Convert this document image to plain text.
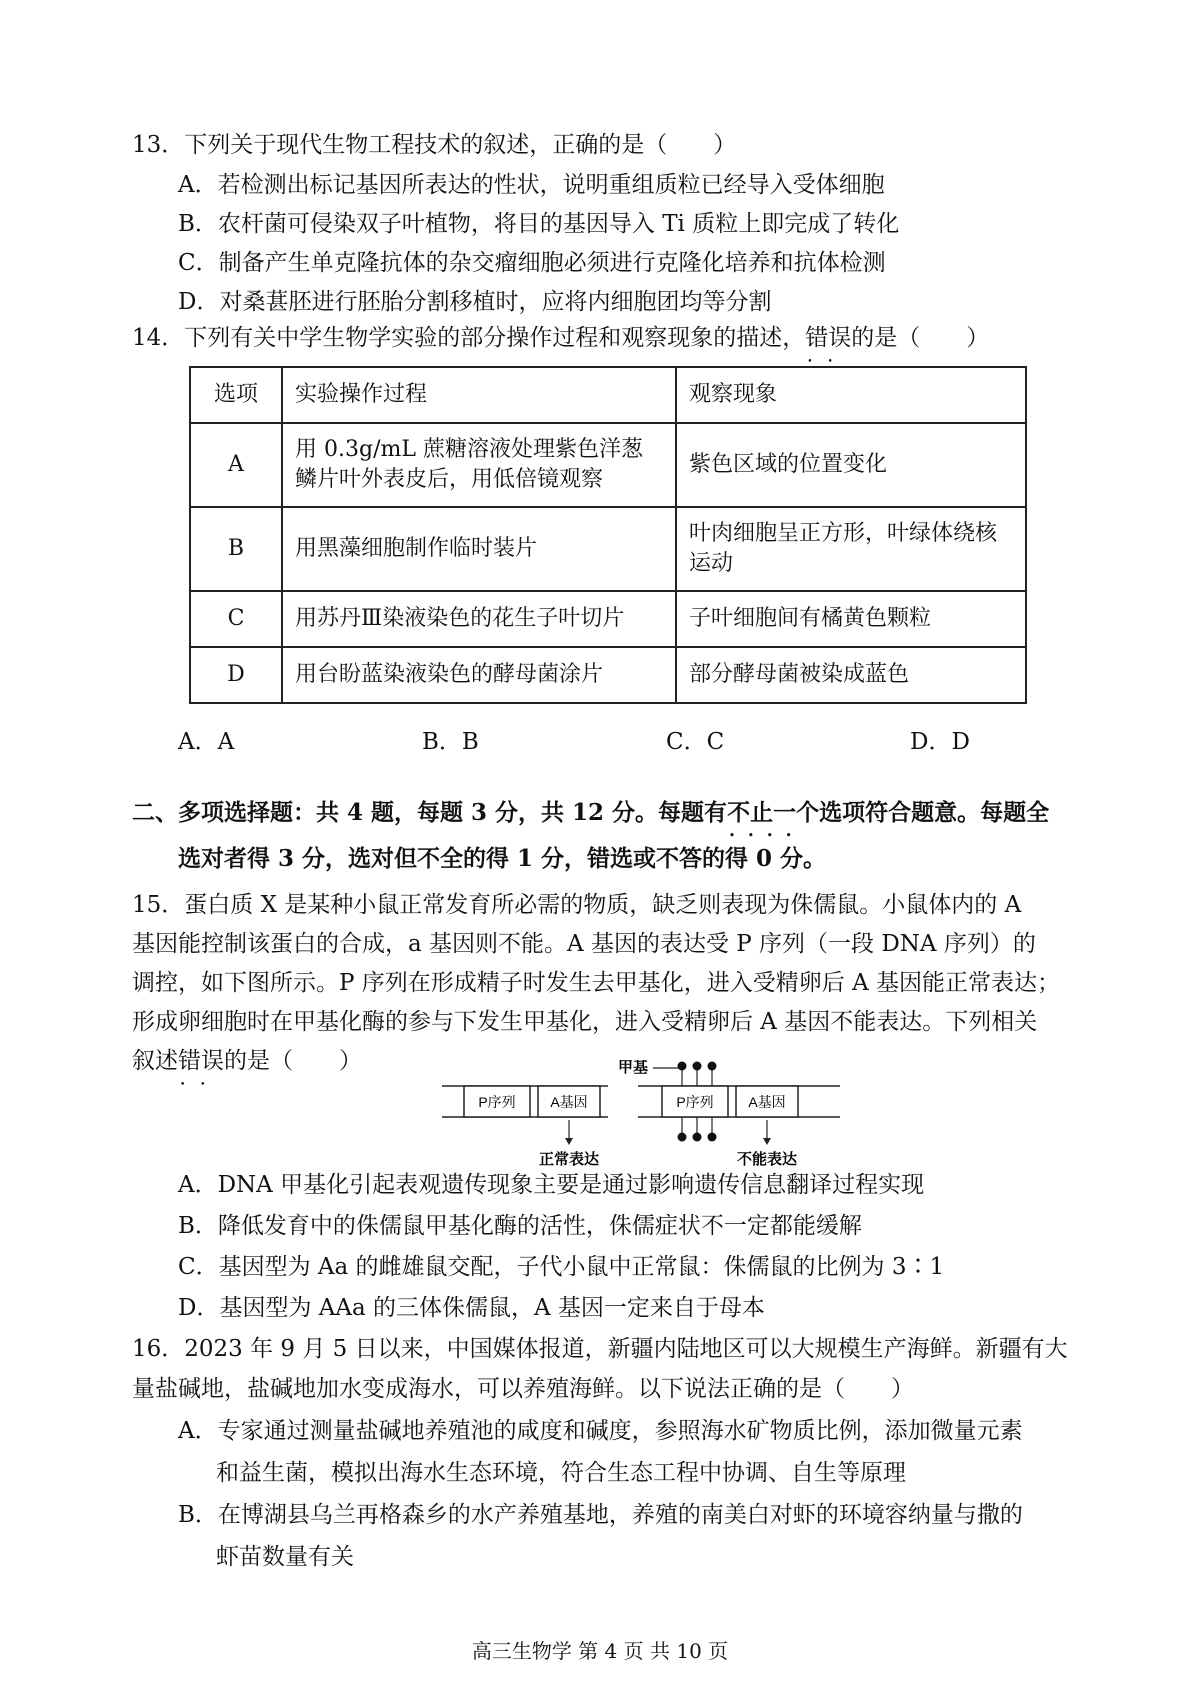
13．下列关于现代生物工程技术的叙述，正确的是（　　）
A．若检测出标记基因所表达的性状，说明重组质粒已经导入受体细胞
B．农杆菌可侵染双子叶植物，将目的基因导入 Ti 质粒上即完成了转化
C．制备产生单克隆抗体的杂交瘤细胞必须进行克隆化培养和抗体检测
D．对桑葚胚进行胚胎分割移植时，应将内细胞团均等分割
14．下列有关中学生物学实验的部分操作过程和观察现象的描述，错误 • •的是（　　）
选项	实验操作过程	观察现象
A	用 0.3g/mL 蔗糖溶液处理紫色洋葱鳞片叶外表皮后，用低倍镜观察	紫色区域的位置变化
B	用黑藻细胞制作临时装片	叶肉细胞呈正方形，叶绿体绕核运动
C	用苏丹Ⅲ染液染色的花生子叶切片	子叶细胞间有橘黄色颗粒
D	用台盼蓝染液染色的酵母菌涂片	部分酵母菌被染成蓝色
A．A	B．B	C．C	D．D
二、多项选择题：共 4 题，每题 3 分，共 12 分。每题有不止一个 • • • •选项符合题意。每题全
选对者得 3 分，选对但不全的得 1 分，错选或不答的得 0 分。
15．蛋白质 X 是某种小鼠正常发育所必需的物质，缺乏则表现为侏儒鼠。小鼠体内的 A
基因能控制该蛋白的合成，a 基因则不能。A 基因的表达受 P 序列（一段 DNA 序列）的
调控，如下图所示。P 序列在形成精子时发生去甲基化，进入受精卵后 A 基因能正常表达；
形成卵细胞时在甲基化酶的参与下发生甲基化，进入受精卵后 A 基因不能表达。下列相关
叙述错误 • •的是（　　）
P序列 A基因
正常表达
P序列 A基因
甲基
不能表达
A．DNA 甲基化引起表观遗传现象主要是通过影响遗传信息翻译过程实现
B．降低发育中的侏儒鼠甲基化酶的活性，侏儒症状不一定都能缓解
C．基因型为 Aa 的雌雄鼠交配，子代小鼠中正常鼠：侏儒鼠的比例为 3∶1
D．基因型为 AAa 的三体侏儒鼠，A 基因一定来自于母本
16．2023 年 9 月 5 日以来，中国媒体报道，新疆内陆地区可以大规模生产海鲜。新疆有大
量盐碱地，盐碱地加水变成海水，可以养殖海鲜。以下说法正确的是（　　）
A．专家通过测量盐碱地养殖池的咸度和碱度，参照海水矿物质比例，添加微量元素
和益生菌，模拟出海水生态环境，符合生态工程中协调、自生等原理
B．在博湖县乌兰再格森乡的水产养殖基地，养殖的南美白对虾的环境容纳量与撒的
虾苗数量有关
高三生物学 第 4 页 共 10 页
